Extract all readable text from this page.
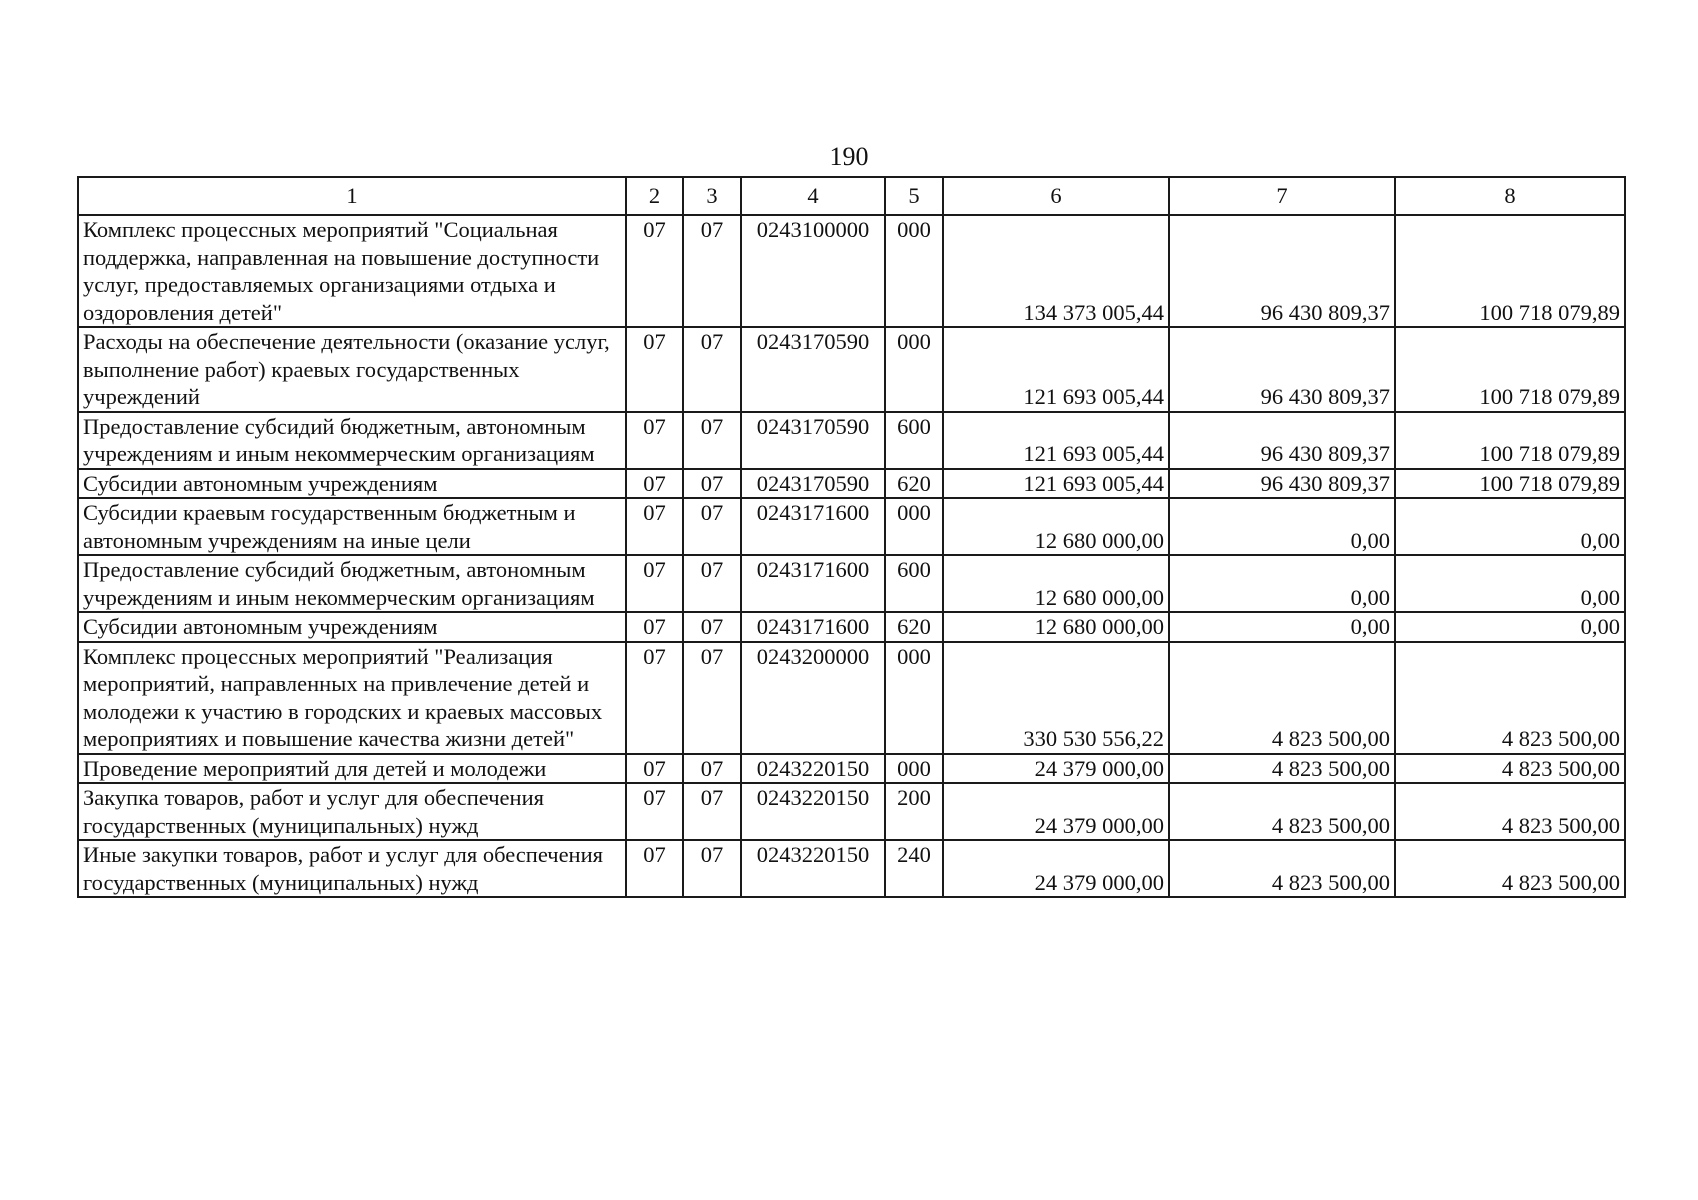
190
1	2	3	4	5	6	7	8
Комплекс процессных мероприятий "Социальная поддержка, направленная на повышение доступности услуг, предоставляемых организациями отдыха и оздоровления детей"	07	07	0243100000	000	134 373 005,44	96 430 809,37	100 718 079,89
Расходы на обеспечение деятельности (оказание услуг, выполнение работ) краевых государственных учреждений	07	07	0243170590	000	121 693 005,44	96 430 809,37	100 718 079,89
Предоставление субсидий бюджетным, автономным учреждениям и иным некоммерческим организациям	07	07	0243170590	600	121 693 005,44	96 430 809,37	100 718 079,89
Субсидии автономным учреждениям	07	07	0243170590	620	121 693 005,44	96 430 809,37	100 718 079,89
Субсидии краевым государственным бюджетным и автономным учреждениям на иные цели	07	07	0243171600	000	12 680 000,00	0,00	0,00
Предоставление субсидий бюджетным, автономным учреждениям и иным некоммерческим организациям	07	07	0243171600	600	12 680 000,00	0,00	0,00
Субсидии автономным учреждениям	07	07	0243171600	620	12 680 000,00	0,00	0,00
Комплекс процессных мероприятий "Реализация мероприятий, направленных на привлечение детей и молодежи к участию в городских и краевых массовых мероприятиях и повышение качества жизни детей"	07	07	0243200000	000	330 530 556,22	4 823 500,00	4 823 500,00
Проведение мероприятий для детей и молодежи	07	07	0243220150	000	24 379 000,00	4 823 500,00	4 823 500,00
Закупка товаров, работ и услуг для обеспечения государственных (муниципальных) нужд	07	07	0243220150	200	24 379 000,00	4 823 500,00	4 823 500,00
Иные закупки товаров, работ и услуг для обеспечения государственных (муниципальных) нужд	07	07	0243220150	240	24 379 000,00	4 823 500,00	4 823 500,00
